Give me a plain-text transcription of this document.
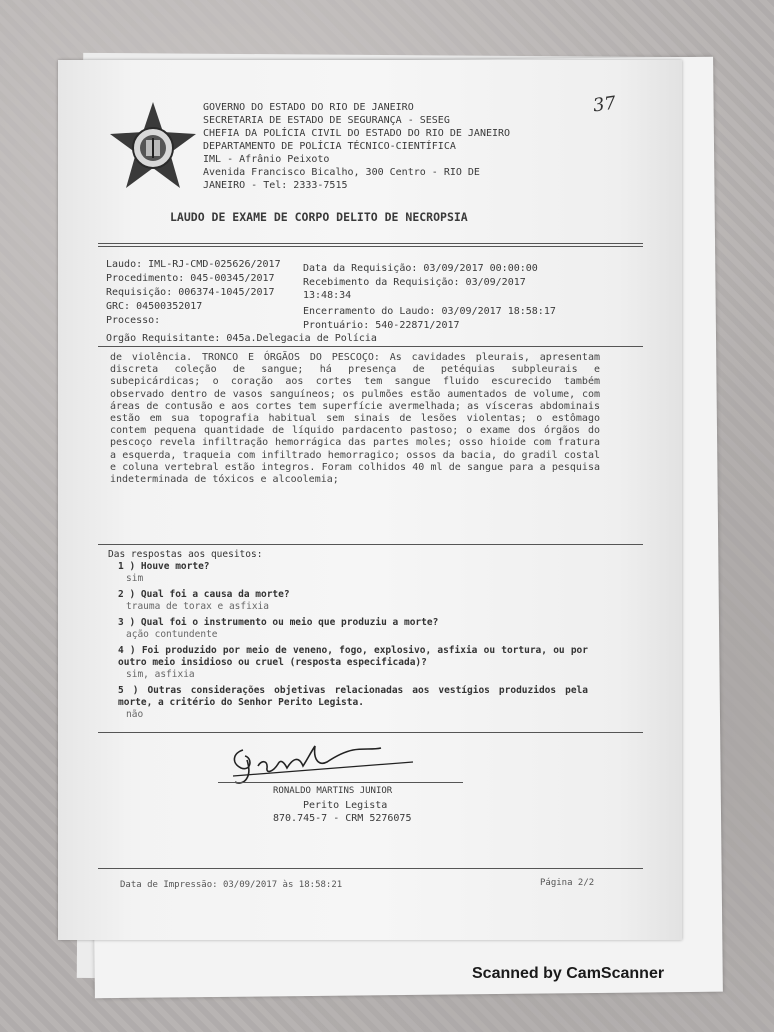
GOVERNO DO ESTADO DO RIO DE JANEIRO
SECRETARIA DE ESTADO DE SEGURANÇA - SESEG
CHEFIA DA POLÍCIA CIVIL DO ESTADO DO RIO DE JANEIRO
DEPARTAMENTO DE POLÍCIA TÉCNICO-CIENTÍFICA
IML - Afrânio Peixoto
Avenida Francisco Bicalho, 300 Centro - RIO DE
JANEIRO - Tel: 2333-7515
37
LAUDO DE EXAME DE CORPO DELITO DE NECROPSIA
Laudo: IML-RJ-CMD-025626/2017
Procedimento: 045-00345/2017
Requisição: 006374-1045/2017
GRC: 04500352017
Processo:
Data da Requisição: 03/09/2017 00:00:00
Recebimento da Requisição: 03/09/2017
13:48:34
Encerramento do Laudo: 03/09/2017 18:58:17
Prontuário: 540-22871/2017
Orgão Requisitante: 045a.Delegacia de Polícia
de violência. TRONCO E ÓRGÃOS DO PESCOÇO: As cavidades pleurais, apresentam discreta coleção de sangue; há presença de petéquias subpleurais e subepicárdicas; o coração aos cortes tem sangue fluido escurecido também observado dentro de vasos sanguíneos; os pulmões estão aumentados de volume, com áreas de contusão e aos cortes tem superfície avermelhada; as vísceras abdominais estão em sua topografia habitual sem sinais de lesões violentas; o estômago contem pequena quantidade de líquido pardacento pastoso; o exame dos órgãos do pescoço revela infiltração hemorrágica das partes moles; osso hioide com fratura a esquerda, traqueia com infiltrado hemorragico; ossos da bacia, do gradil costal e coluna vertebral estão integros. Foram colhidos 40 ml de sangue para a pesquisa indeterminada de tóxicos e alcoolemia;
Das respostas aos quesitos:
1 ) Houve morte?
sim
2 ) Qual foi a causa da morte?
trauma de torax e asfixia
3 ) Qual foi o instrumento ou meio que produziu a morte?
ação contundente
4 ) Foi produzido por meio de veneno, fogo, explosivo, asfixia ou tortura, ou por outro meio insidioso ou cruel (resposta especificada)?
sim, asfixia
5 ) Outras considerações objetivas relacionadas aos vestígios produzidos pela morte, a critério do Senhor Perito Legista.
não
RONALDO MARTINS JUNIOR
Perito Legista
870.745-7 - CRM 5276075
Data de Impressão: 03/09/2017 às 18:58:21	Página 2/2
Scanned by CamScanner
